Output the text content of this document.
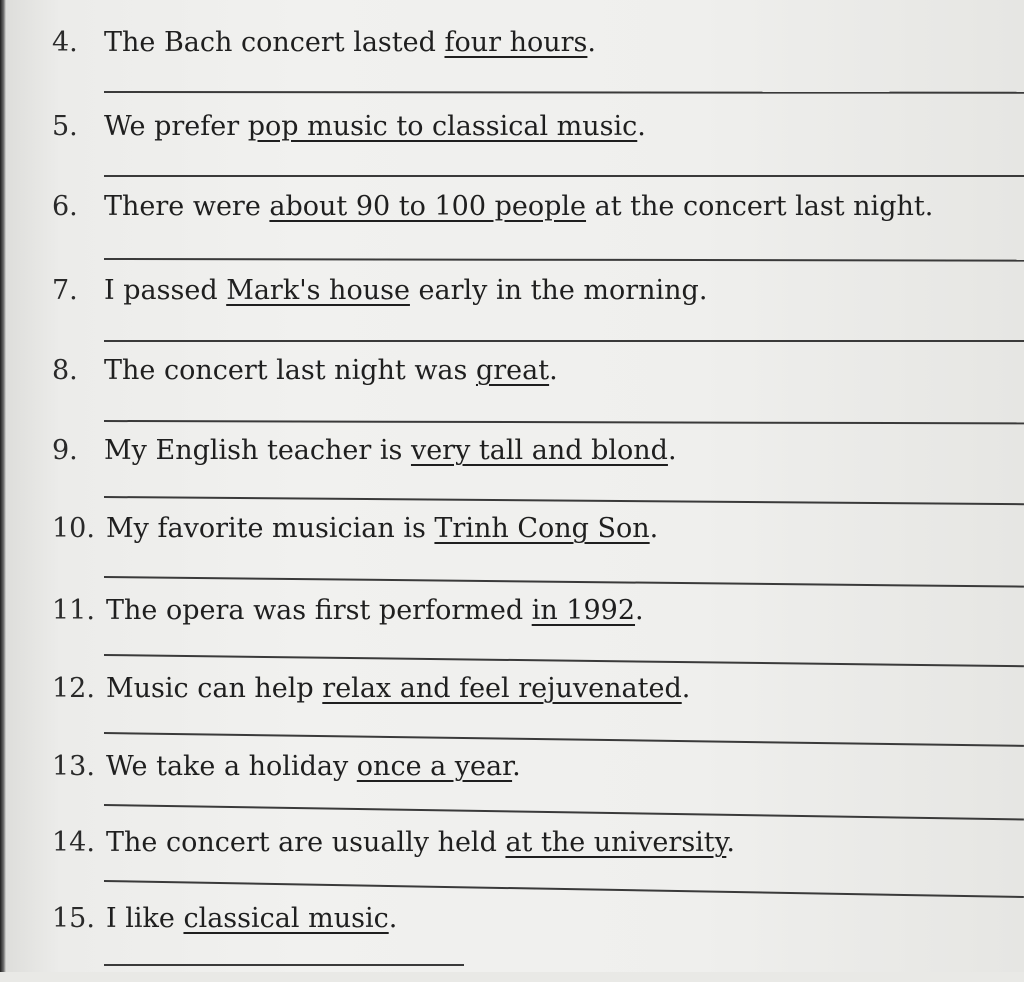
4. The Bach concert lasted four hours.
5. We prefer pop music to classical music.
6. There were about 90 to 100 people at the concert last night.
7. I passed Mark's house early in the morning.
8. The concert last night was great.
9. My English teacher is very tall and blond.
10. My favorite musician is Trinh Cong Son.
11. The opera was first performed in 1992.
12. Music can help relax and feel rejuvenated.
13. We take a holiday once a year.
14. The concert are usually held at the university.
15. I like classical music.
